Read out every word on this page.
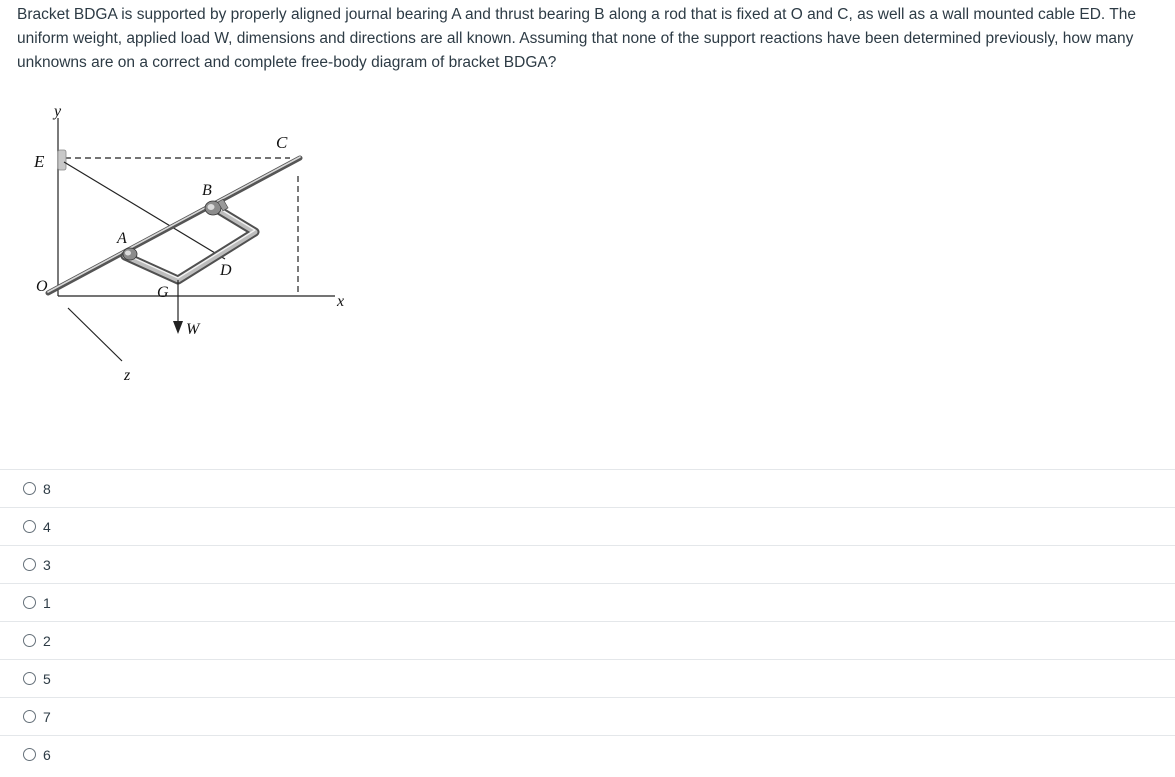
Bracket BDGA is supported by properly aligned journal bearing A and thrust bearing B along a rod that is fixed at O and C, as well as a wall mounted cable ED. The uniform weight, applied load W, dimensions and directions are all known. Assuming that none of the support reactions have been determined previously, how many unknowns are on a correct and complete free-body diagram of bracket BDGA?

y
E
C
B
A
D
O	G
x
W
z
8
4
3
1
2
5
7
6
